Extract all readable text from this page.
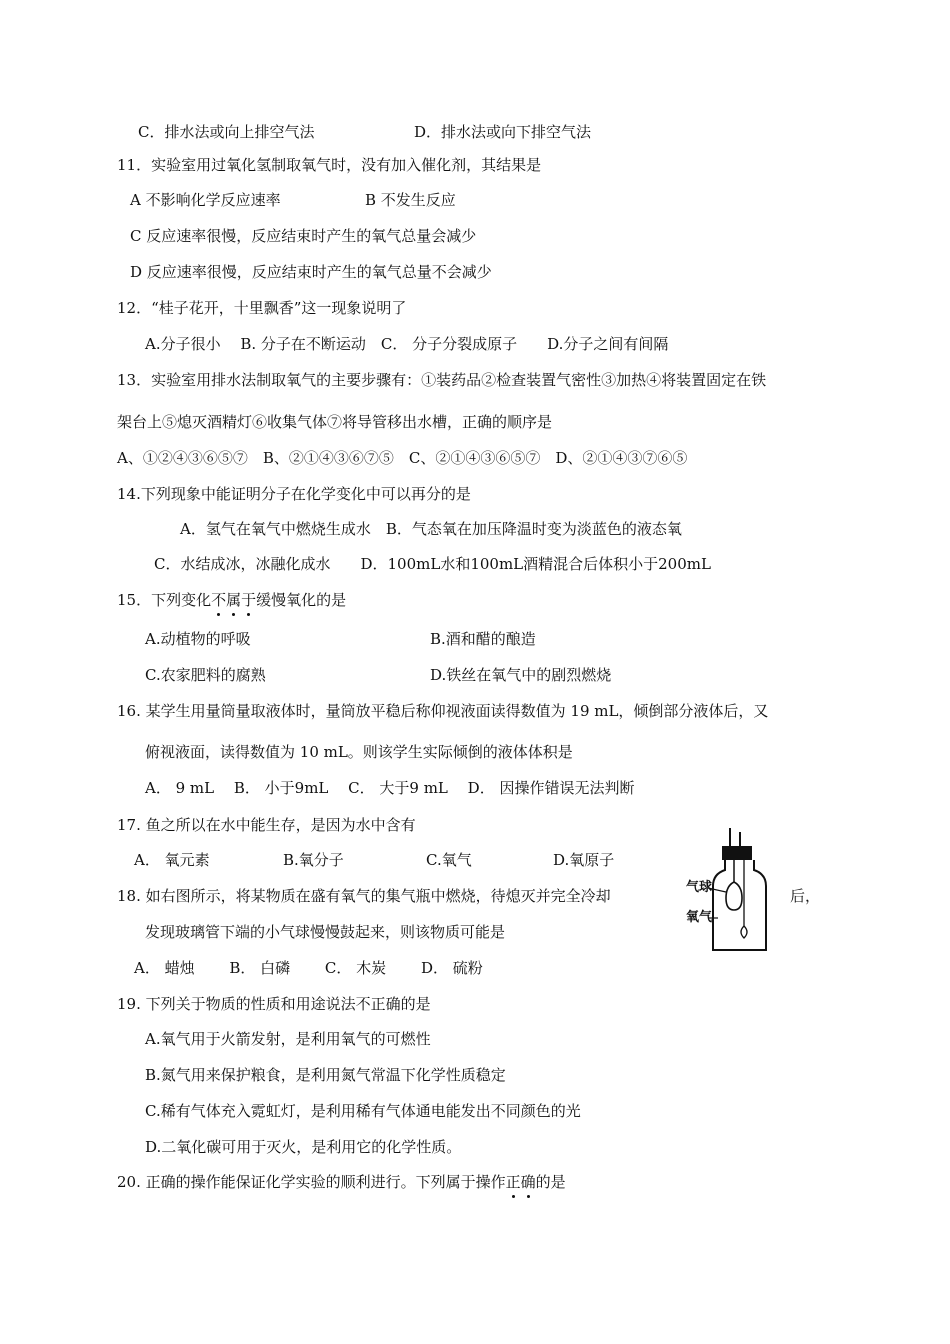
C．排水法或向上排空气法	D．排水法或向下排空气法
11．实验室用过氧化氢制取氧气时，没有加入催化剂，其结果是
A 不影响化学反应速率	B 不发生反应
C 反应速率很慢，反应结束时产生的氧气总量会减少
D 反应速率很慢，反应结束时产生的氧气总量不会减少
12．“桂子花开，十里飘香”这一现象说明了
A.分子很小　 B. 分子在不断运动　C． 分子分裂成原子　　D.分子之间有间隔
13．实验室用排水法制取氧气的主要步骤有：①装药品②检查装置气密性③加热④将装置固定在铁
架台上⑤熄灭酒精灯⑥收集气体⑦将导管移出水槽，正确的顺序是
A、①②④③⑥⑤⑦　B、②①④③⑥⑦⑤　C、②①④③⑥⑤⑦　D、②①④③⑦⑥⑤
14.下列现象中能证明分子在化学变化中可以再分的是
A．氢气在氧气中燃烧生成水　B．气态氧在加压降温时变为淡蓝色的液态氧
C．水结成冰，冰融化成水　　D．100mL水和100mL酒精混合后体积小于200mL
15．下列变化不属于缓慢氧化的是
A.动植物的呼吸	B.酒和醋的酿造
C.农家肥料的腐熟	D.铁丝在氧气中的剧烈燃烧
16. 某学生用量筒量取液体时，量筒放平稳后称仰视液面读得数值为 19 mL，倾倒部分液体后，又
俯视液面，读得数值为 10 mL。则该学生实际倾倒的液体体积是
A． 9 mL　 B． 小于9mL　 C． 大于9 mL　 D． 因操作错误无法判断
17. 鱼之所以在水中能生存，是因为水中含有
A． 氧元素	B.氧分子	C.氧气	D.氧原子
18. 如右图所示，将某物质在盛有氧气的集气瓶中燃烧，待熄灭并完全冷却	后，
发现玻璃管下端的小气球慢慢鼓起来，则该物质可能是
A． 蜡烛　　 B． 白磷　　 C． 木炭　　 D． 硫粉
气球
氧气
19. 下列关于物质的性质和用途说法不正确的是
A.氧气用于火箭发射，是利用氧气的可燃性
B.氮气用来保护粮食，是利用氮气常温下化学性质稳定
C.稀有气体充入霓虹灯，是利用稀有气体通电能发出不同颜色的光
D.二氧化碳可用于灭火，是利用它的化学性质。
20. 正确的操作能保证化学实验的顺利进行。下列属于操作正确的是
